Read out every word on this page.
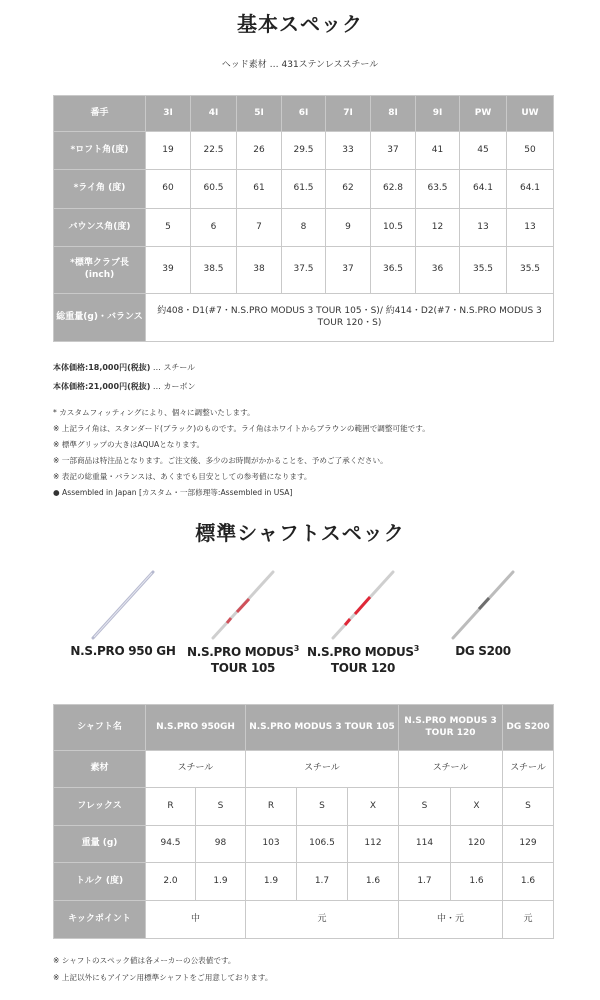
基本スペック
ヘッド素材 … 431ステンレススチール
番手	3I	4I	5I	6I	7I	8I	9I	PW	UW
*ロフト角(度)	19	22.5	26	29.5	33	37	41	45	50
*ライ角 (度)	60	60.5	61	61.5	62	62.8	63.5	64.1	64.1
バウンス角(度)	5	6	7	8	9	10.5	12	13	13
*標準クラブ長 (inch)	39	38.5	38	37.5	37	36.5	36	35.5	35.5
総重量(g)・バランス	約408・D1(#7・N.S.PRO MODUS 3 TOUR 105・S)/ 約414・D2(#7・N.S.PRO MODUS 3 TOUR 120・S)								
本体価格:18,000円(税抜) … スチール
本体価格:21,000円(税抜) … カーボン
* カスタムフィッティングにより、個々に調整いたします。
※ 上記ライ角は、スタンダード(ブラック)のものです。ライ角はホワイトからブラウンの範囲で調整可能です。
※ 標準グリップの大きはAQUAとなります。
※ 一部商品は特注品となります。ご注文後、多少のお時間がかかることを、予めご了承ください。
※ 表記の総重量・バランスは、あくまでも目安としての参考値になります。
● Assembled in Japan [カスタム・一部修理等:Assembled in USA]
標準シャフトスペック
N.S.PRO 950 GH N.S.PRO MODUS$^3$
TOUR 105
N.S.PRO MODUS$^3$
TOUR 120
DG S200
シャフト名	N.S.PRO 950GH		N.S.PRO MODUS 3 TOUR 105			N.S.PRO MODUS 3 TOUR 120		DG S200
素材	スチール		スチール			スチール		スチール
フレックス	R	S	R	S	X	S	X	S
重量 (g)	94.5	98	103	106.5	112	114	120	129
トルク (度)	2.0	1.9	1.9	1.7	1.6	1.7	1.6	1.6
キックポイント	中		元			中・元		元
※ シャフトのスペック値は各メーカーの公表値です。
※ 上記以外にもアイアン用標準シャフトをご用意しております。
